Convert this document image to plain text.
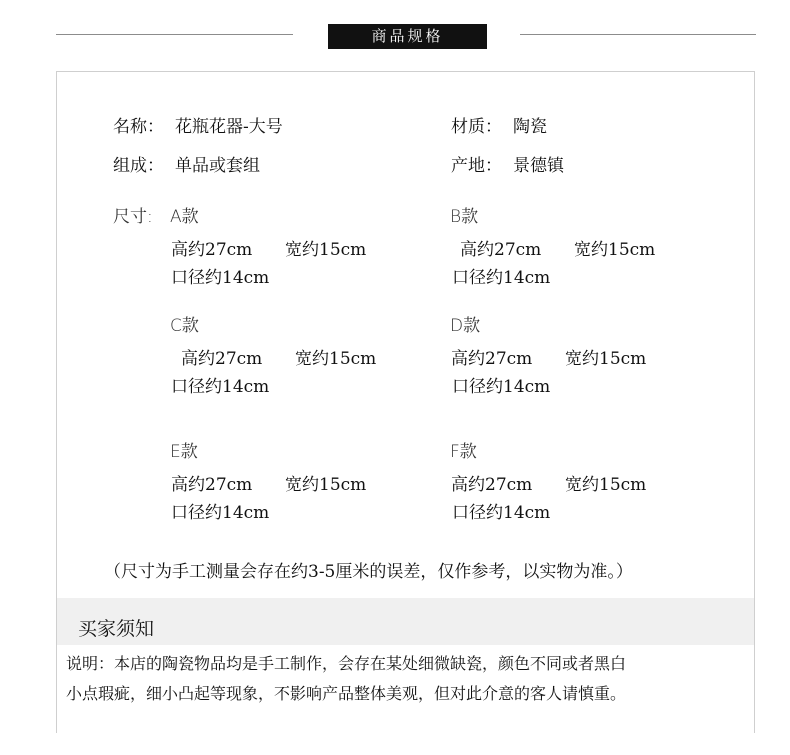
商品规格
名称： 花瓶花器-大号	材质： 陶瓷
组成： 单品或套组	产地： 景德镇
尺寸: A款
高约27cm 宽约15cm
口径约14cm
B款
高约27cm 宽约15cm
口径约14cm
C款
高约27cm 宽约15cm
口径约14cm
D款
高约27cm 宽约15cm
口径约14cm
E款
高约27cm 宽约15cm
口径约14cm
F款
高约27cm 宽约15cm
口径约14cm
（尺寸为手工测量会存在约3-5厘米的误差，仅作参考，以实物为准。）
买家须知
说明：本店的陶瓷物品均是手工制作，会存在某处细微缺瓷，颜色不同或者黑白
小点瑕疵，细小凸起等现象，不影响产品整体美观，但对此介意的客人请慎重。
